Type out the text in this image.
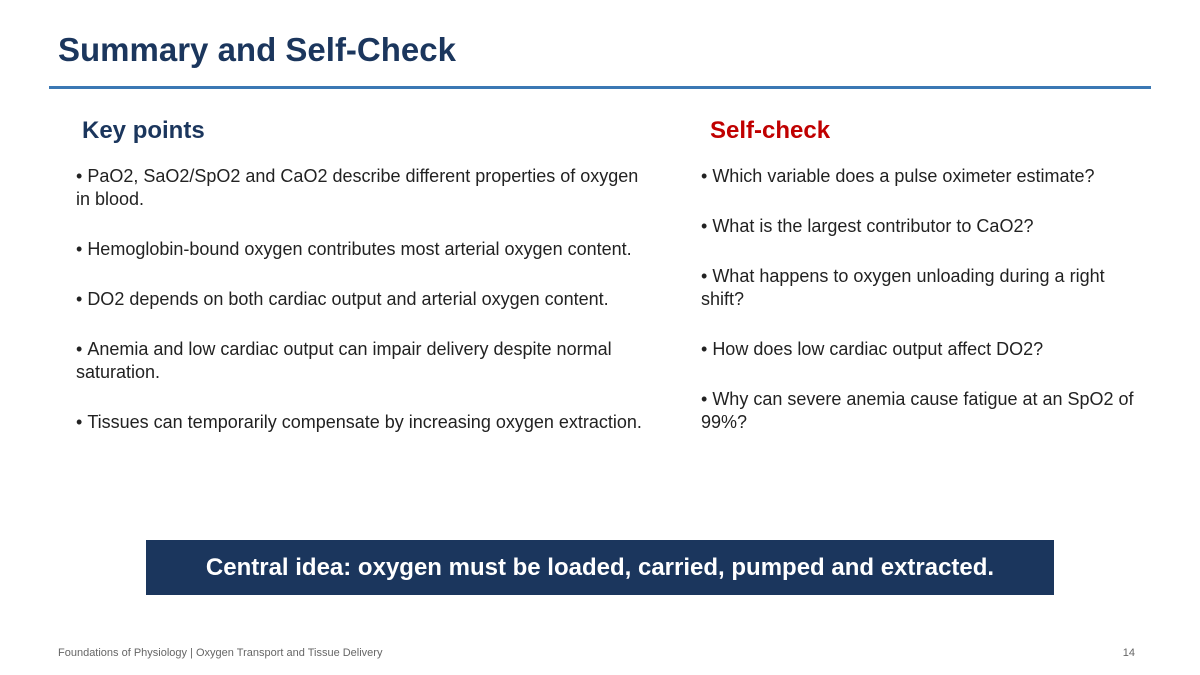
Summary and Self-Check
Key points
• PaO2, SaO2/SpO2 and CaO2 describe different properties of oxygen in blood.
• Hemoglobin-bound oxygen contributes most arterial oxygen content.
• DO2 depends on both cardiac output and arterial oxygen content.
• Anemia and low cardiac output can impair delivery despite normal saturation.
• Tissues can temporarily compensate by increasing oxygen extraction.
Self-check
• Which variable does a pulse oximeter estimate?
• What is the largest contributor to CaO2?
• What happens to oxygen unloading during a right shift?
• How does low cardiac output affect DO2?
• Why can severe anemia cause fatigue at an SpO2 of 99%?
Central idea: oxygen must be loaded, carried, pumped and extracted.
Foundations of Physiology | Oxygen Transport and Tissue Delivery	14
